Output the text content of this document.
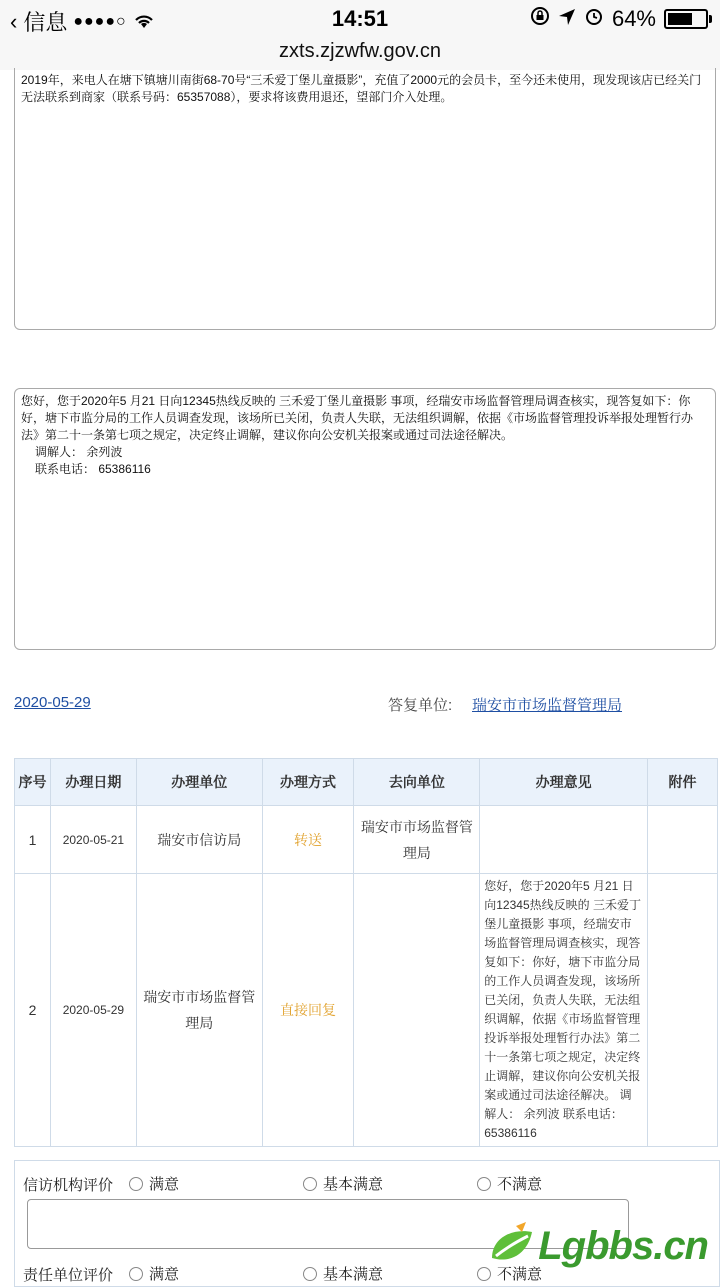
‹ 信息 ●●●●○	14:51	64%
zxts.zjzwfw.gov.cn
2019年，来电人在塘下镇塘川南街68-70号“三禾爱丁堡儿童摄影”，充值了2000元的会员卡，至今还未使用，现发现该店已经关门无法联系到商家（联系号码：65357088），要求将该费用退还，望部门介入处理。
您好，您于2020年5 月21 日向12345热线反映的 三禾爱丁堡儿童摄影 事项，经瑞安市场监督管理局调查核实，现答复如下：你好，塘下市监分局的工作人员调查发现，该场所已关闭，负责人失联，无法组织调解，依据《市场监督管理投诉举报处理暂行办法》第二十一条第七项之规定，决定终止调解，建议你向公安机关报案或通过司法途径解决。
调解人： 余列波
联系电话： 65386116
2020-05-29	答复单位: 瑞安市市场监督管理局
序号	办理日期	办理单位	办理方式	去向单位	办理意见	附件
1	2020-05-21	瑞安市信访局	转送	瑞安市市场监督管理局		
2	2020-05-29	瑞安市市场监督管理局	直接回复		您好，您于2020年5 月21 日向12345热线反映的 三禾爱丁堡儿童摄影 事项，经瑞安市场监督管理局调查核实，现答复如下：你好，塘下市监分局的工作人员调查发现，该场所已关闭，负责人失联，无法组织调解，依据《市场监督管理投诉举报处理暂行办法》第二十一条第七项之规定，决定终止调解，建议你向公安机关报案或通过司法途径解决。 调解人： 余列波 联系电话：65386116	
信访机构评价 满意	基本满意	不满意
责任单位评价 满意	基本满意	不满意
Lgbbs.cn
